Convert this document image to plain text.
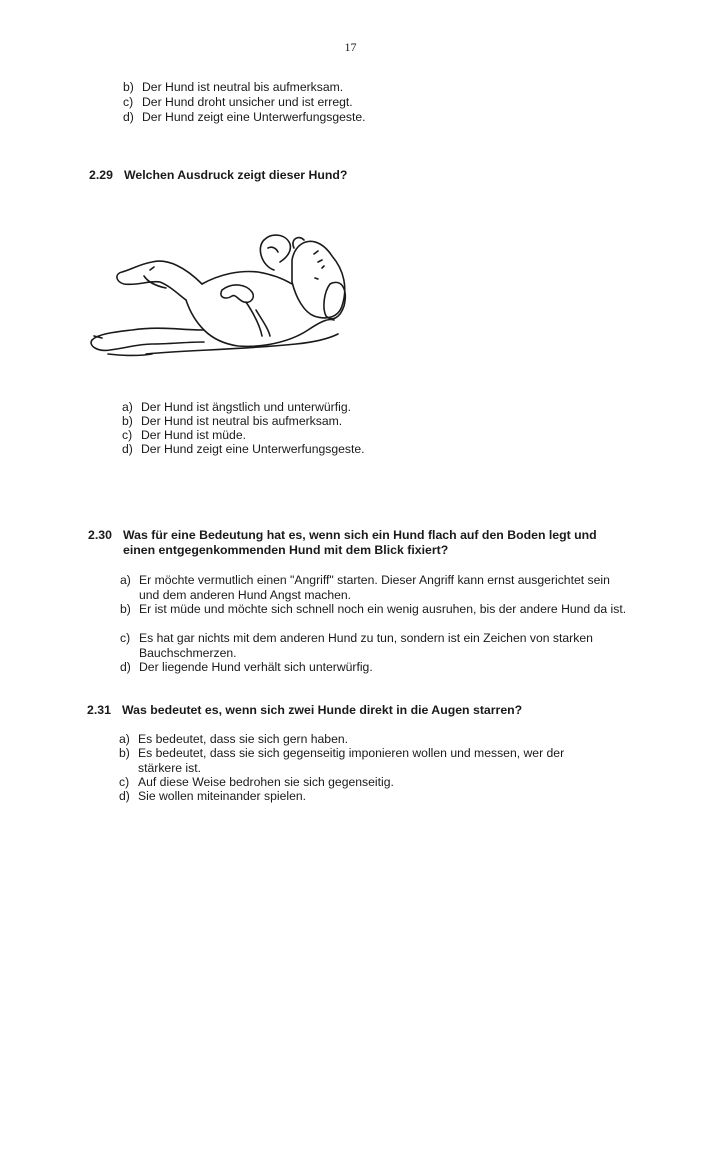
17
b) Der Hund ist neutral bis aufmerksam.
c) Der Hund droht unsicher und ist erregt.
d) Der Hund zeigt eine Unterwerfungsgeste.
2.29 Welchen Ausdruck zeigt dieser Hund?
a) Der Hund ist ängstlich und unterwürfig.
b) Der Hund ist neutral bis aufmerksam.
c) Der Hund ist müde.
d) Der Hund zeigt eine Unterwerfungsgeste.
2.30 Was für eine Bedeutung hat es, wenn sich ein Hund flach auf den Boden legt und einen entgegenkommenden Hund mit dem Blick fixiert?
a) Er möchte vermutlich einen "Angriff" starten. Dieser Angriff kann ernst ausgerichtet sein und dem anderen Hund Angst machen.
b) Er ist müde und möchte sich schnell noch ein wenig ausruhen, bis der andere Hund da ist.
c) Es hat gar nichts mit dem anderen Hund zu tun, sondern ist ein Zeichen von starken Bauchschmerzen.
d) Der liegende Hund verhält sich unterwürfig.
2.31 Was bedeutet es, wenn sich zwei Hunde direkt in die Augen starren?
a) Es bedeutet, dass sie sich gern haben.
b) Es bedeutet, dass sie sich gegenseitig imponieren wollen und messen, wer der stärkere ist.
c) Auf diese Weise bedrohen sie sich gegenseitig.
d) Sie wollen miteinander spielen.
